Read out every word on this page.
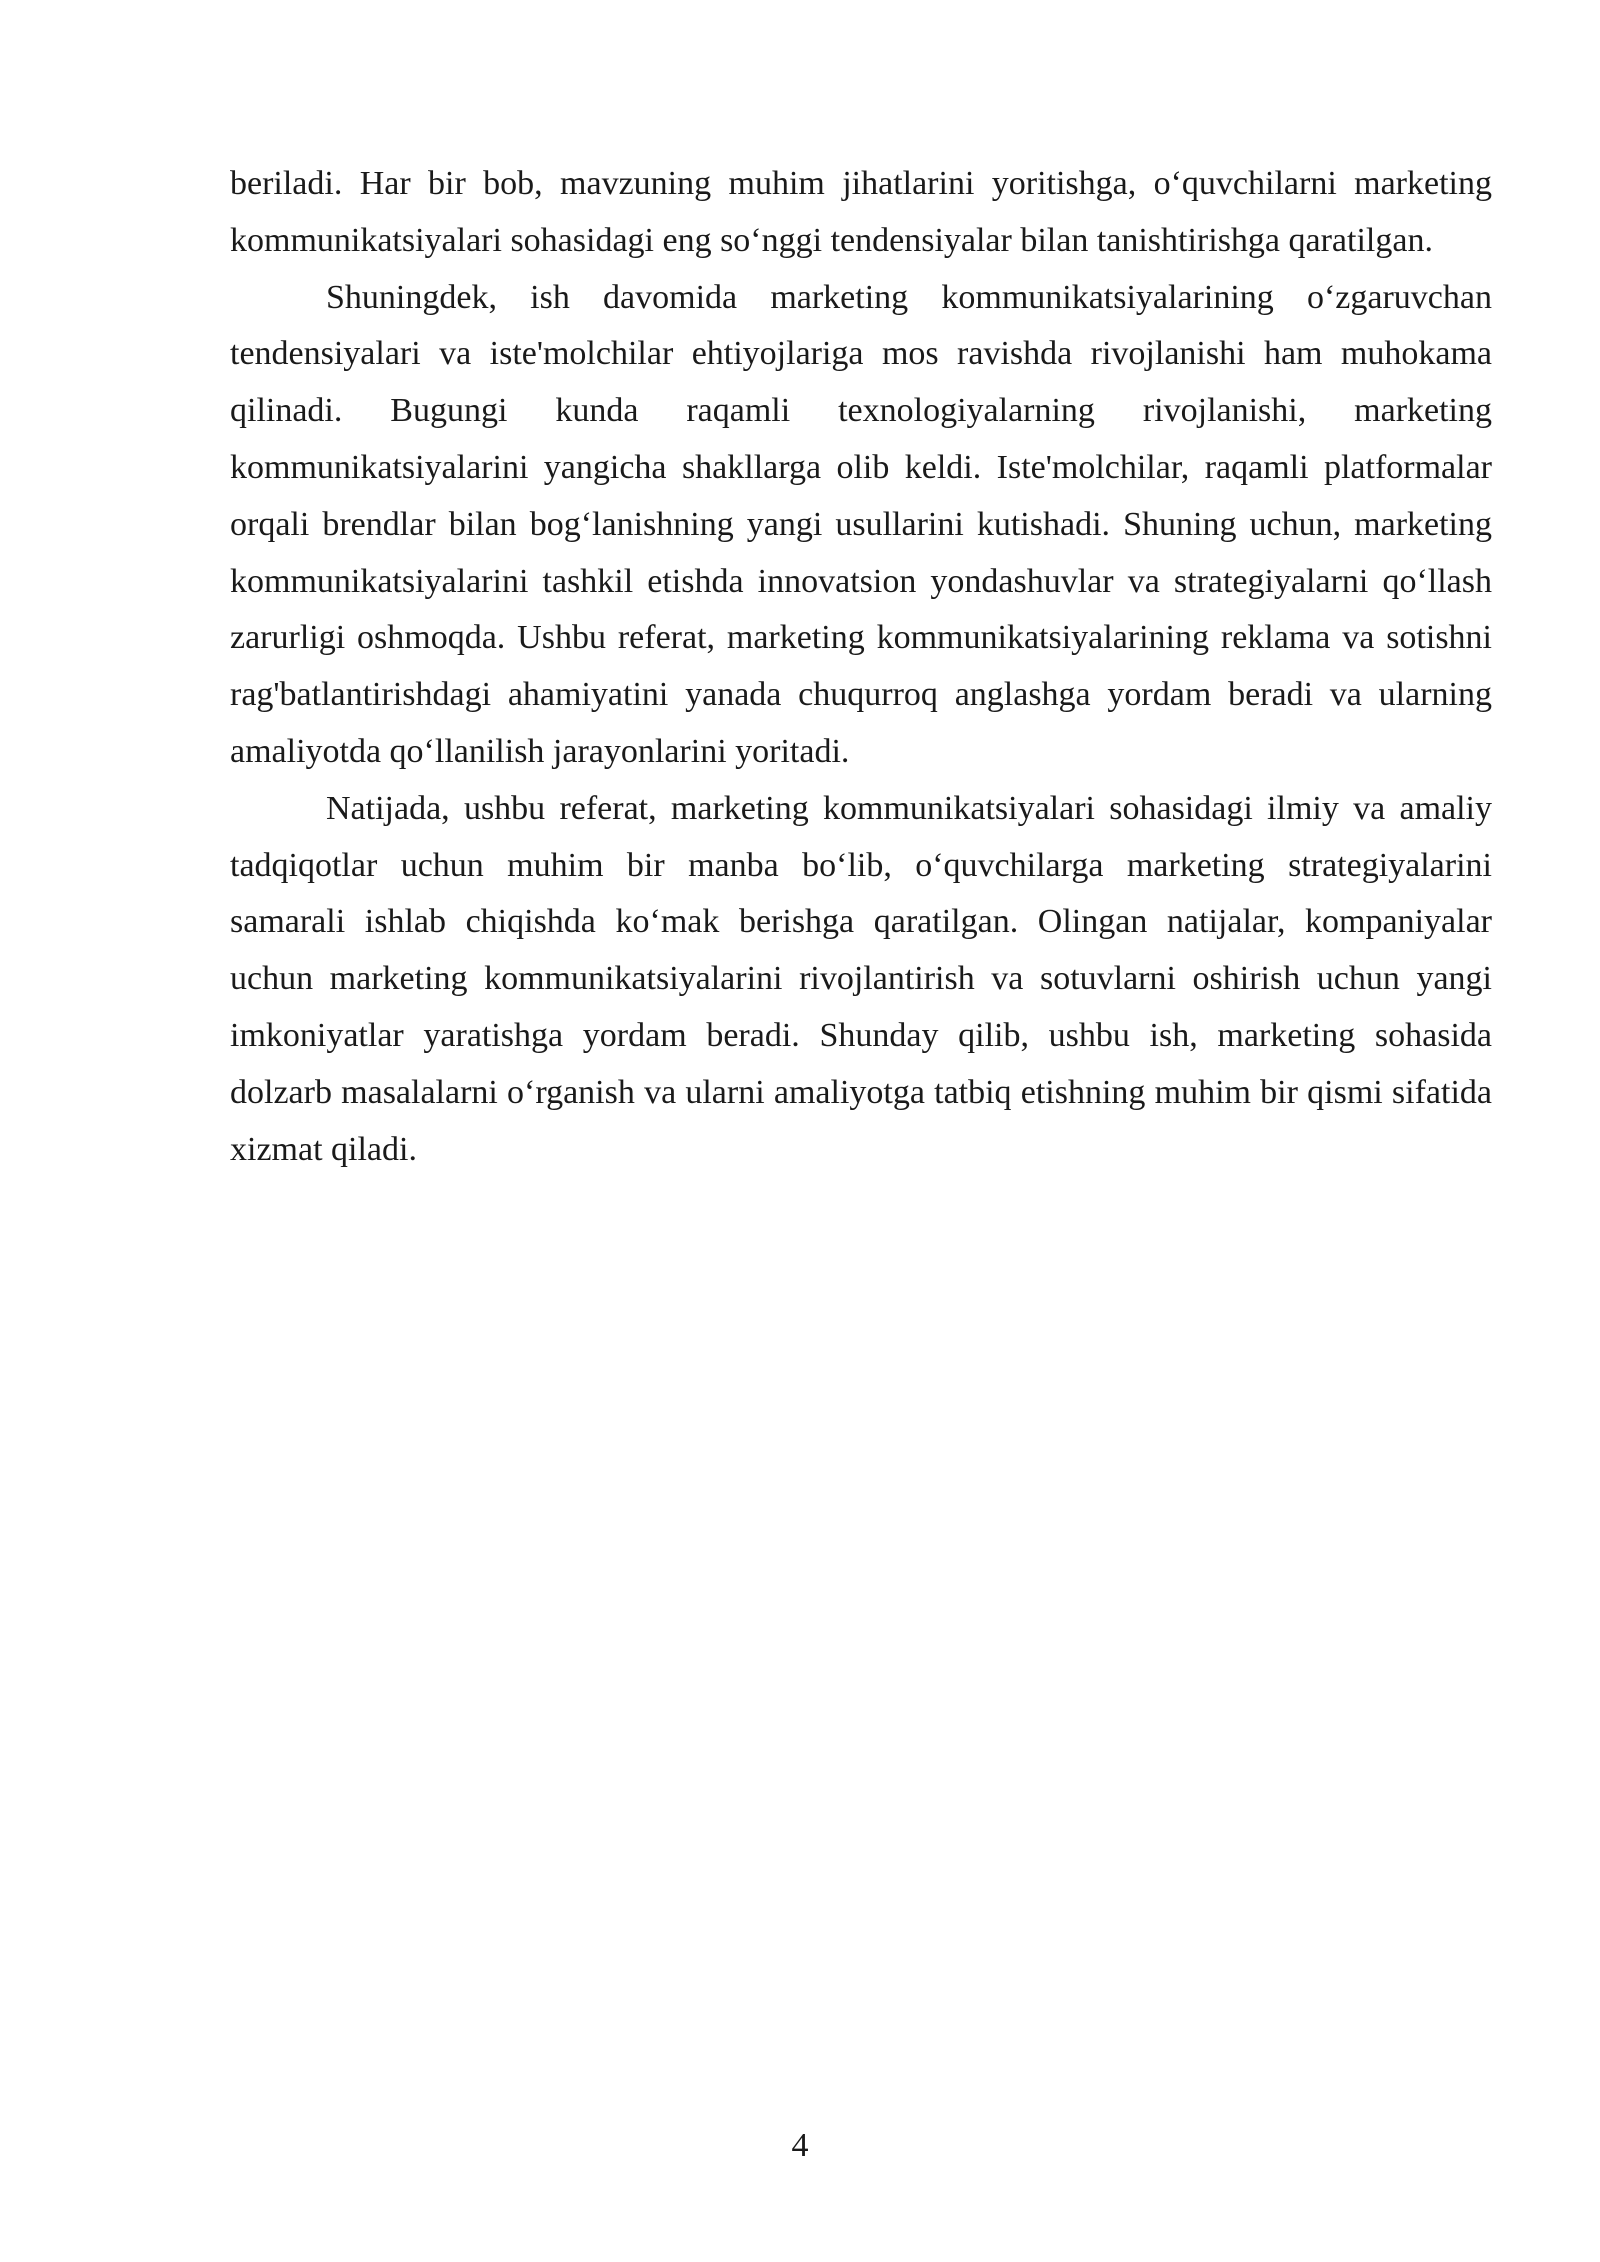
beriladi. Har bir bob, mavzuning muhim jihatlarini yoritishga, o‘quvchilarni marketing kommunikatsiyalari sohasidagi eng so‘nggi tendensiyalar bilan tanishtirishga qaratilgan.

Shuningdek, ish davomida marketing kommunikatsiyalarining o‘zgaruvchan tendensiyalari va iste'molchilar ehtiyojlariga mos ravishda rivojlanishi ham muhokama qilinadi. Bugungi kunda raqamli texnologiyalarning rivojlanishi, marketing kommunikatsiyalarini yangicha shakllarga olib keldi. Iste'molchilar, raqamli platformalar orqali brendlar bilan bog‘lanishning yangi usullarini kutishadi. Shuning uchun, marketing kommunikatsiyalarini tashkil etishda innovatsion yondashuvlar va strategiyalarni qo‘llash zarurligi oshmoqda. Ushbu referat, marketing kommunikatsiyalarining reklama va sotishni rag'batlantirishdagi ahamiyatini yanada chuqurroq anglashga yordam beradi va ularning amaliyotda qo‘llanilish jarayonlarini yoritadi.

Natijada, ushbu referat, marketing kommunikatsiyalari sohasidagi ilmiy va amaliy tadqiqotlar uchun muhim bir manba bo‘lib, o‘quvchilarga marketing strategiyalarini samarali ishlab chiqishda ko‘mak berishga qaratilgan. Olingan natijalar, kompaniyalar uchun marketing kommunikatsiyalarini rivojlantirish va sotuvlarni oshirish uchun yangi imkoniyatlar yaratishga yordam beradi. Shunday qilib, ushbu ish, marketing sohasida dolzarb masalalarni o‘rganish va ularni amaliyotga tatbiq etishning muhim bir qismi sifatida xizmat qiladi.

4
